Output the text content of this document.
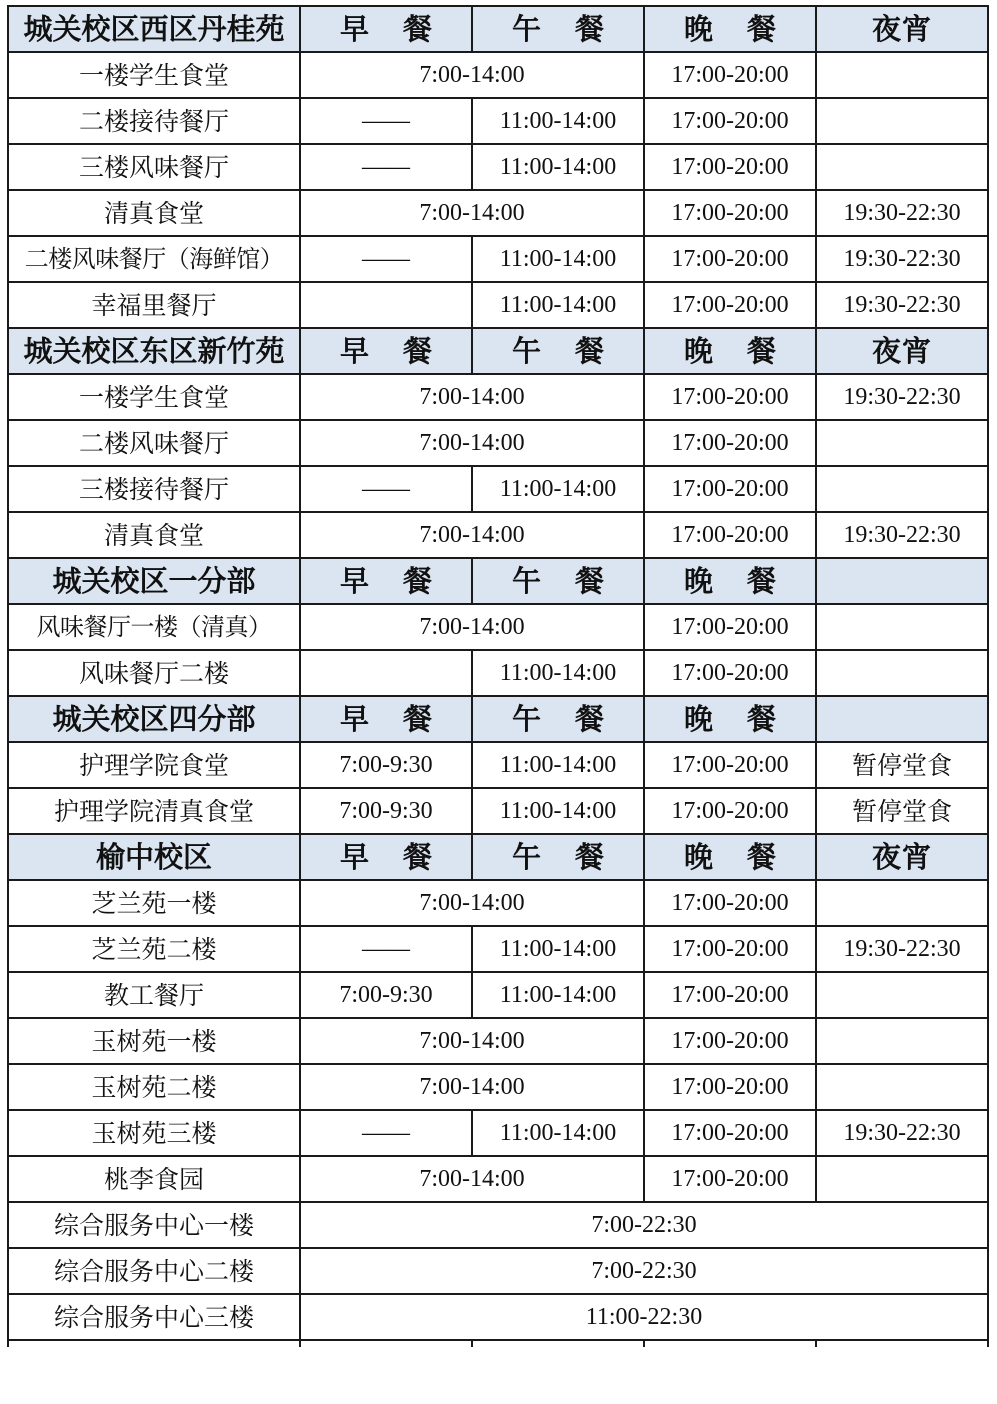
城关校区西区丹桂苑	早 餐	午 餐	晚 餐	夜宵
一楼学生食堂	7:00-14:00		17:00-20:00	
二楼接待餐厅	——	11:00-14:00	17:00-20:00	
三楼风味餐厅	——	11:00-14:00	17:00-20:00	
清真食堂	7:00-14:00		17:00-20:00	19:30-22:30
二楼风味餐厅（海鲜馆）	——	11:00-14:00	17:00-20:00	19:30-22:30
幸福里餐厅		11:00-14:00	17:00-20:00	19:30-22:30
城关校区东区新竹苑	早 餐	午 餐	晚 餐	夜宵
一楼学生食堂	7:00-14:00		17:00-20:00	19:30-22:30
二楼风味餐厅	7:00-14:00		17:00-20:00	
三楼接待餐厅	——	11:00-14:00	17:00-20:00	
清真食堂	7:00-14:00		17:00-20:00	19:30-22:30
城关校区一分部	早 餐	午 餐	晚 餐	
风味餐厅一楼（清真）	7:00-14:00		17:00-20:00	
风味餐厅二楼		11:00-14:00	17:00-20:00	
城关校区四分部	早 餐	午 餐	晚 餐	
护理学院食堂	7:00-9:30	11:00-14:00	17:00-20:00	暂停堂食
护理学院清真食堂	7:00-9:30	11:00-14:00	17:00-20:00	暂停堂食
榆中校区	早 餐	午 餐	晚 餐	夜宵
芝兰苑一楼	7:00-14:00		17:00-20:00	
芝兰苑二楼	——	11:00-14:00	17:00-20:00	19:30-22:30
教工餐厅	7:00-9:30	11:00-14:00	17:00-20:00	
玉树苑一楼	7:00-14:00		17:00-20:00	
玉树苑二楼	7:00-14:00		17:00-20:00	
玉树苑三楼	——	11:00-14:00	17:00-20:00	19:30-22:30
桃李食园	7:00-14:00		17:00-20:00	
综合服务中心一楼	7:00-22:30			
综合服务中心二楼	7:00-22:30			
综合服务中心三楼	11:00-22:30			
